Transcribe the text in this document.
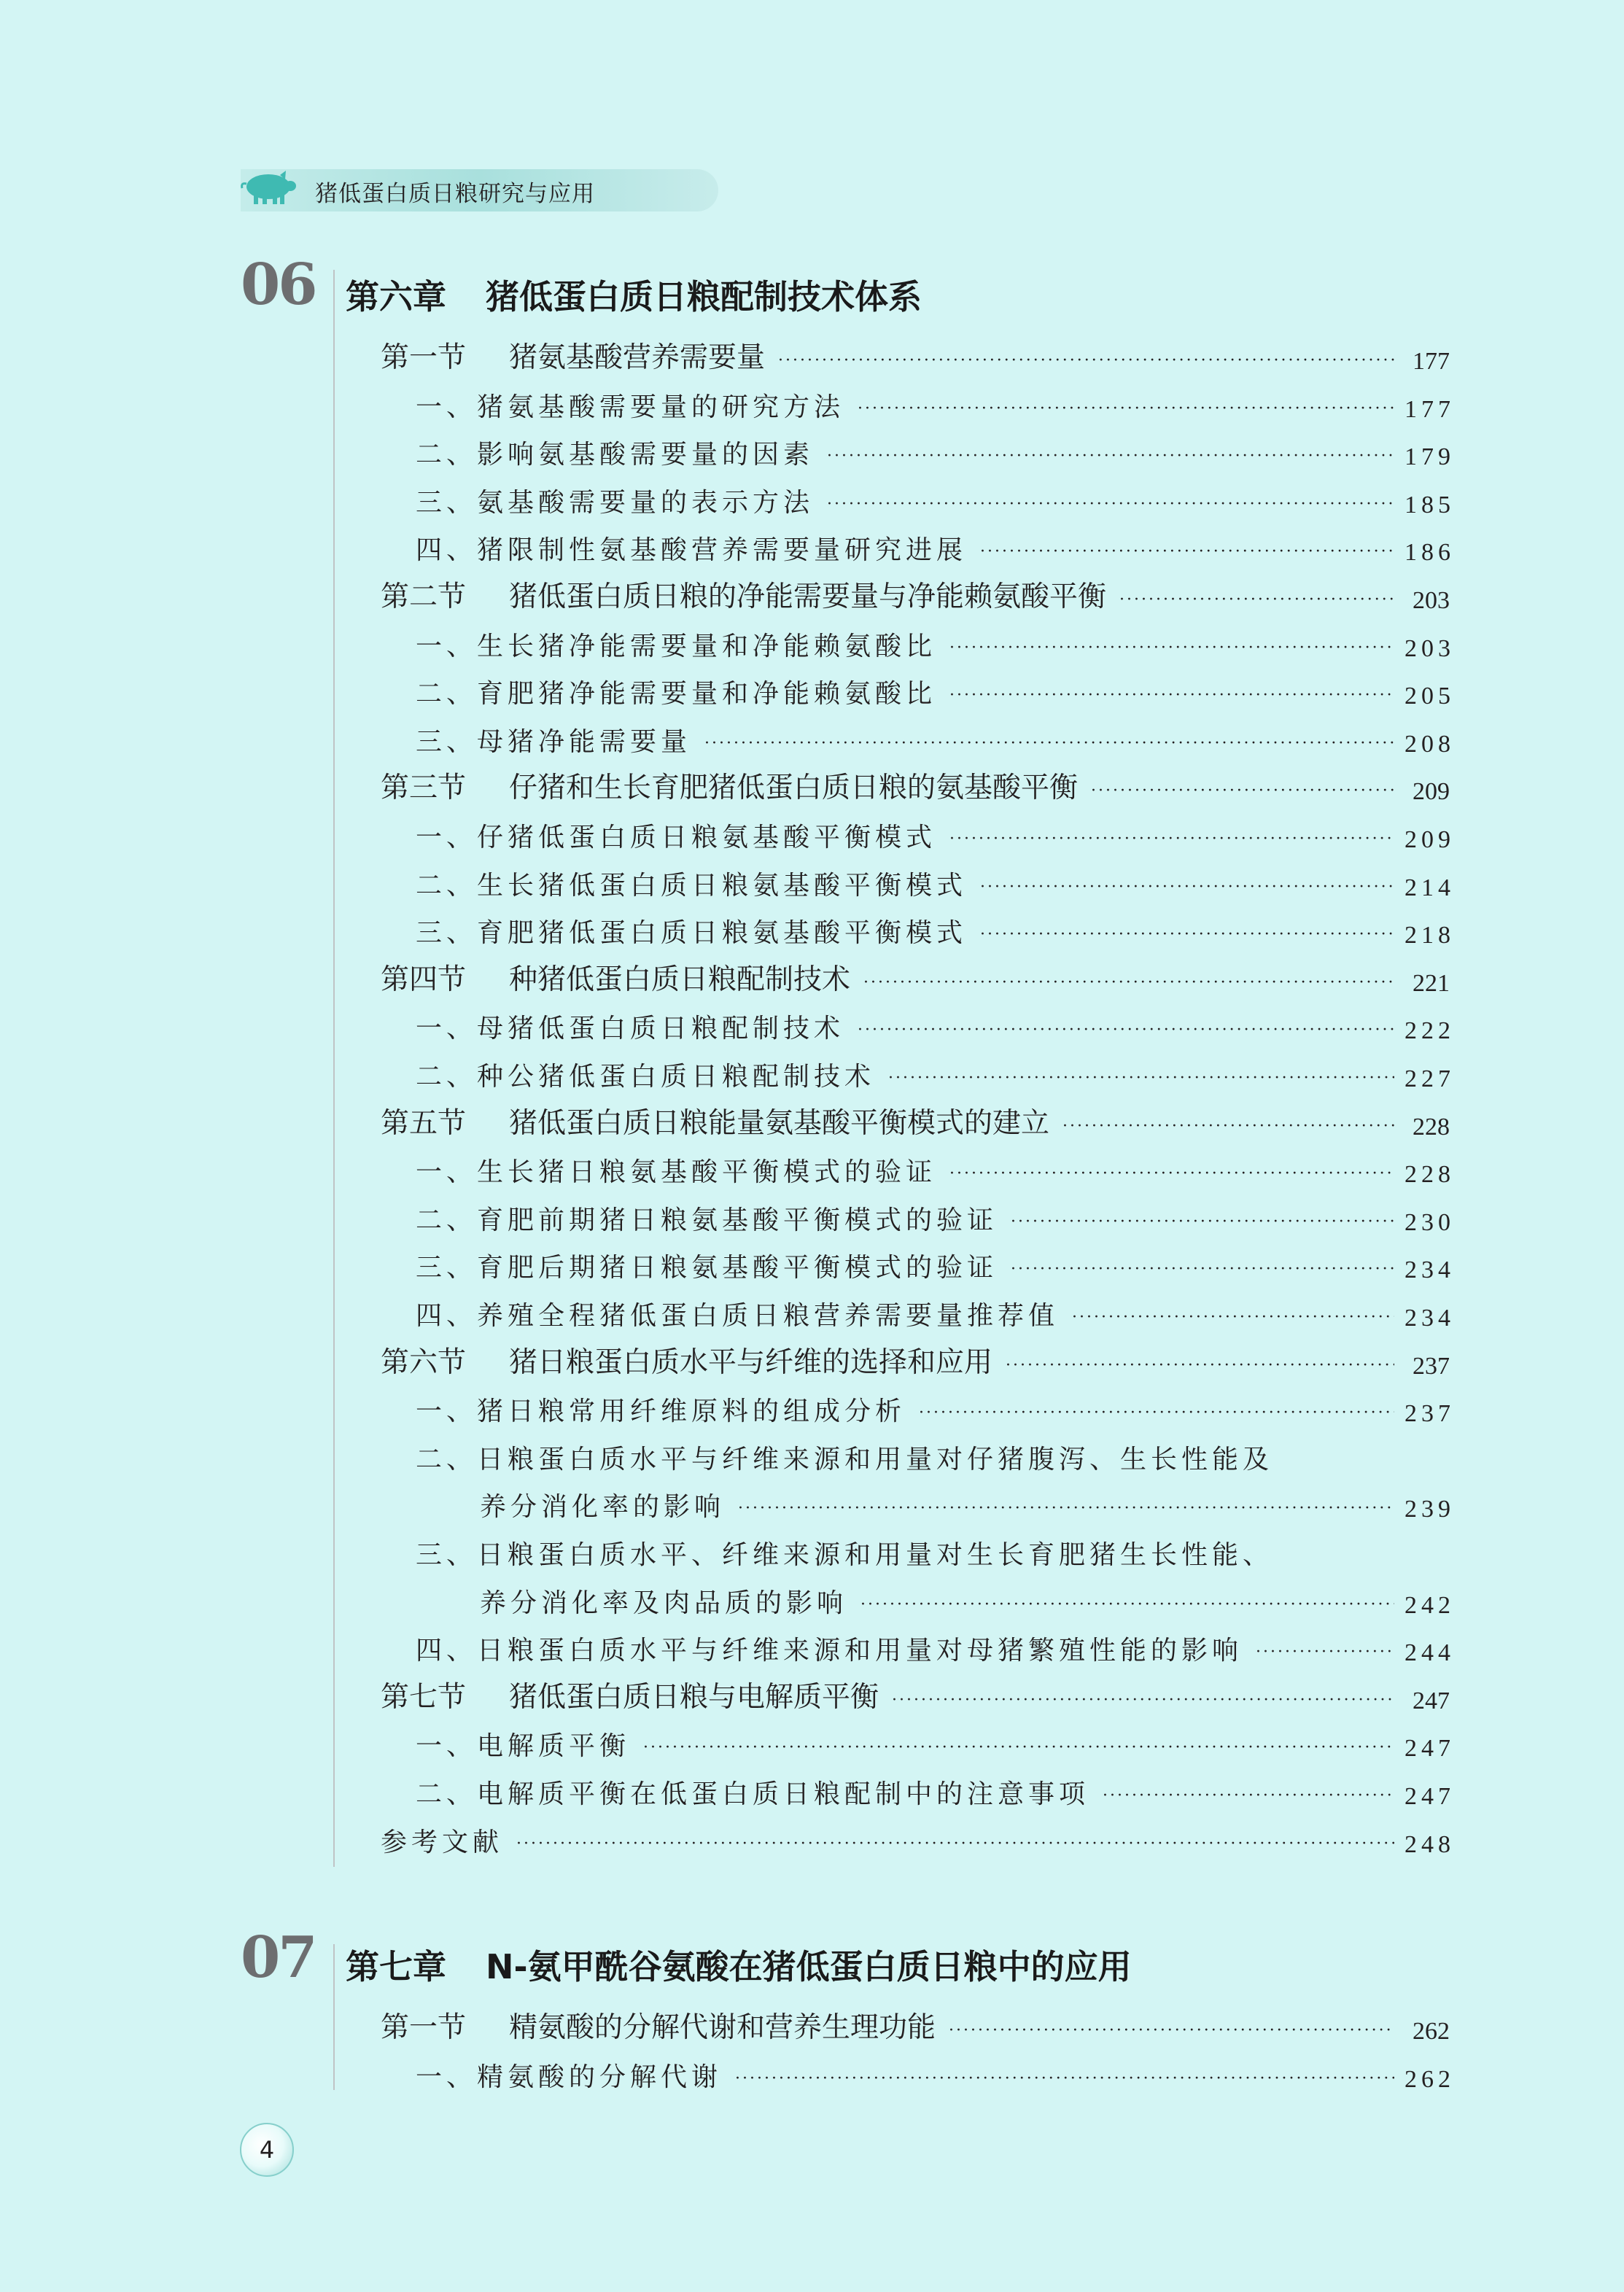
猪低蛋白质日粮研究与应用
06 第六章 猪低蛋白质日粮配制技术体系
第一节 猪氨基酸营养需要量 ·····	177
一、猪氨基酸需要量的研究方法 ·····	177
二、影响氨基酸需要量的因素 ·····	179
三、氨基酸需要量的表示方法 ·····	185
四、猪限制性氨基酸营养需要量研究进展 ·····	186
第二节 猪低蛋白质日粮的净能需要量与净能赖氨酸平衡 ·····	203
一、生长猪净能需要量和净能赖氨酸比 ·····	203
二、育肥猪净能需要量和净能赖氨酸比 ·····	205
三、母猪净能需要量 ·····	208
第三节 仔猪和生长育肥猪低蛋白质日粮的氨基酸平衡 ·····	209
一、仔猪低蛋白质日粮氨基酸平衡模式 ·····	209
二、生长猪低蛋白质日粮氨基酸平衡模式 ·····	214
三、育肥猪低蛋白质日粮氨基酸平衡模式 ·····	218
第四节 种猪低蛋白质日粮配制技术 ·····	221
一、母猪低蛋白质日粮配制技术 ·····	222
二、种公猪低蛋白质日粮配制技术 ·····	227
第五节 猪低蛋白质日粮能量氨基酸平衡模式的建立 ·····	228
一、生长猪日粮氨基酸平衡模式的验证 ·····	228
二、育肥前期猪日粮氨基酸平衡模式的验证 ·····	230
三、育肥后期猪日粮氨基酸平衡模式的验证 ·····	234
四、养殖全程猪低蛋白质日粮营养需要量推荐值 ·····	234
第六节 猪日粮蛋白质水平与纤维的选择和应用 ·····	237
一、猪日粮常用纤维原料的组成分析 ·····	237
二、日粮蛋白质水平与纤维来源和用量对仔猪腹泻、生长性能及
养分消化率的影响 ·····	239
三、日粮蛋白质水平、纤维来源和用量对生长育肥猪生长性能、
养分消化率及肉品质的影响 ·····	242
四、日粮蛋白质水平与纤维来源和用量对母猪繁殖性能的影响 ·····	244
第七节 猪低蛋白质日粮与电解质平衡 ·····	247
一、电解质平衡 ·····	247
二、电解质平衡在低蛋白质日粮配制中的注意事项 ·····	247
参考文献 ·····	248
07 第七章 N-氨甲酰谷氨酸在猪低蛋白质日粮中的应用
第一节 精氨酸的分解代谢和营养生理功能 ·····	262
一、精氨酸的分解代谢 ·····	262
4
